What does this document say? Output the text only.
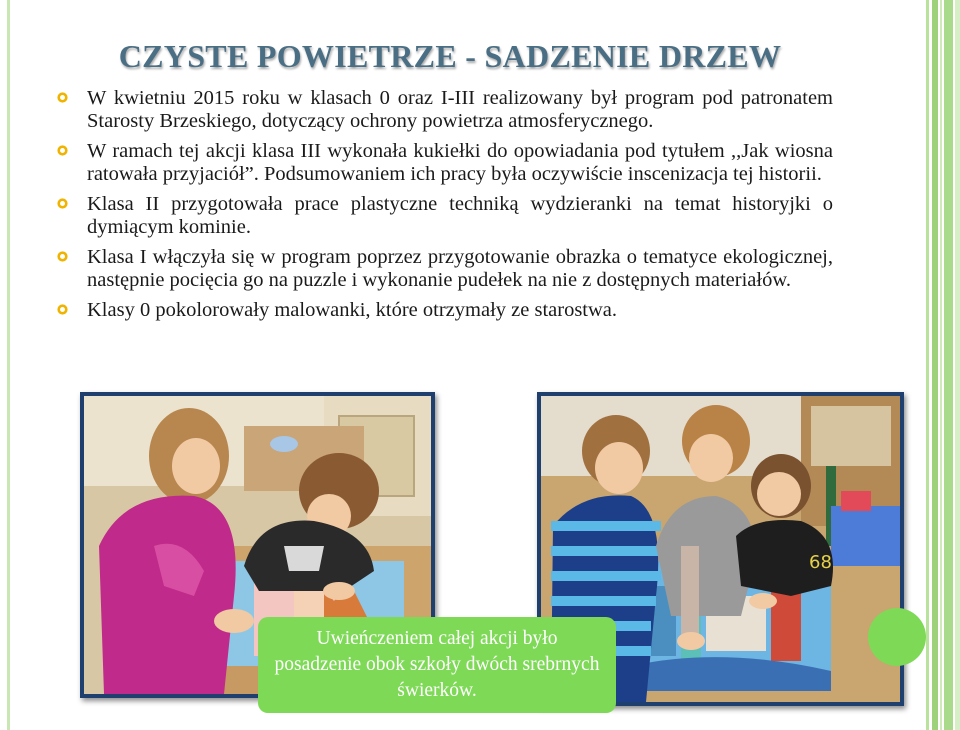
CZYSTE POWIETRZE - SADZENIE DRZEW
W kwietniu 2015 roku w klasach 0 oraz I-III realizowany był program pod patronatem Starosty Brzeskiego, dotyczący ochrony powietrza atmosferycznego.
W ramach tej akcji klasa III wykonała kukiełki do opowiadania pod tytułem ,,Jak wiosna ratowała przyjaciół”. Podsumowaniem ich pracy była oczywiście inscenizacja tej historii.
Klasa II przygotowała prace plastyczne techniką wydzieranki na temat historyjki o dymiącym kominie.
Klasa I włączyła się w program poprzez przygotowanie obrazka o tematyce ekologicznej, następnie pocięcia go na puzzle i wykonanie pudełek na nie z dostępnych materiałów.
Klasy 0 pokolorowały malowanki, które otrzymały ze starostwa.
68
Uwieńczeniem całej akcji było posadzenie obok szkoły dwóch srebrnych świerków.
